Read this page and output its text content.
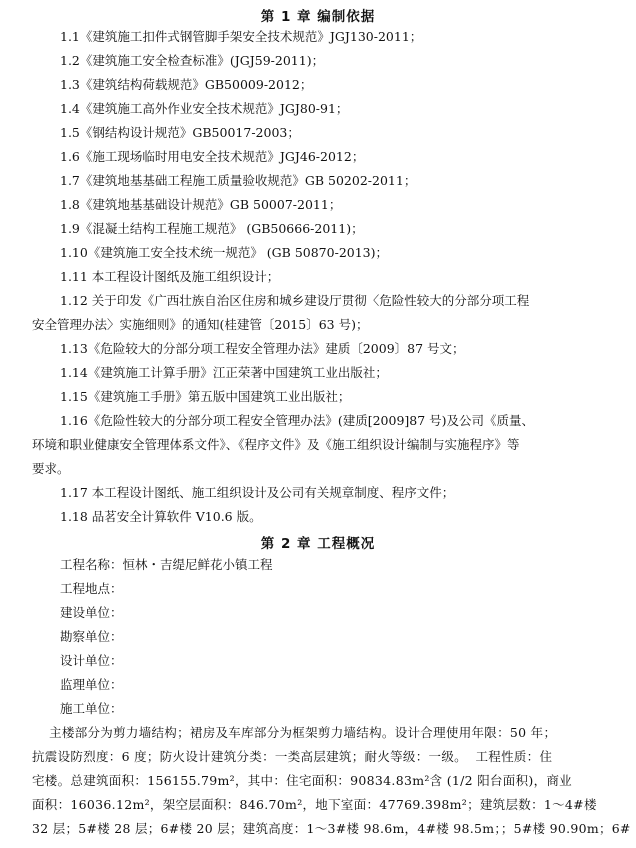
第 1 章 编制依据
1.1《建筑施工扣件式钢管脚手架安全技术规范》JGJ130-2011；
1.2《建筑施工安全检查标准》(JGJ59-2011)；
1.3《建筑结构荷载规范》GB50009-2012；
1.4《建筑施工高外作业安全技术规范》JGJ80-91；
1.5《钢结构设计规范》GB50017-2003；
1.6《施工现场临时用电安全技术规范》JGJ46-2012；
1.7《建筑地基基础工程施工质量验收规范》GB 50202-2011；
1.8《建筑地基基础设计规范》GB 50007-2011；
1.9《混凝土结构工程施工规范》 (GB50666-2011)；
1.10《建筑施工安全技术统一规范》 (GB 50870-2013)；
1.11 本工程设计图纸及施工组织设计；
1.12 关于印发《广西壮族自治区住房和城乡建设厅贯彻〈危险性较大的分部分项工程
安全管理办法〉实施细则》的通知(桂建管〔2015〕63 号)；
1.13《危险较大的分部分项工程安全管理办法》建质〔2009〕87 号文；
1.14《建筑施工计算手册》江正荣著中国建筑工业出版社；
1.15《建筑施工手册》第五版中国建筑工业出版社；
1.16《危险性较大的分部分项工程安全管理办法》(建质[2009]87 号)及公司《质量、
环境和职业健康安全管理体系文件》、《程序文件》及《施工组织设计编制与实施程序》等
要求。
1.17 本工程设计图纸、施工组织设计及公司有关规章制度、程序文件；
1.18 品茗安全计算软件 V10.6 版。
第 2 章 工程概况
工程名称：恒林・吉缇尼鲜花小镇工程
工程地点：
建设单位：
勘察单位：
设计单位：
监理单位：
施工单位：
主楼部分为剪力墙结构；裙房及车库部分为框架剪力墙结构。设计合理使用年限：50 年；
抗震设防烈度：6 度；防火设计建筑分类：一类高层建筑；耐火等级：一级。  工程性质：住
宅楼。总建筑面积：156155.79m²，其中：住宅面积：90834.83m²含 (1/2 阳台面积)，商业
面积：16036.12m²，架空层面积：846.70m²，地下室面：47769.398m²；建筑层数：1～4#楼
32 层；5#楼 28 层；6#楼 20 层；建筑高度：1～3#楼 98.6m，4#楼 98.5m；；5#楼 90.90m；6#
